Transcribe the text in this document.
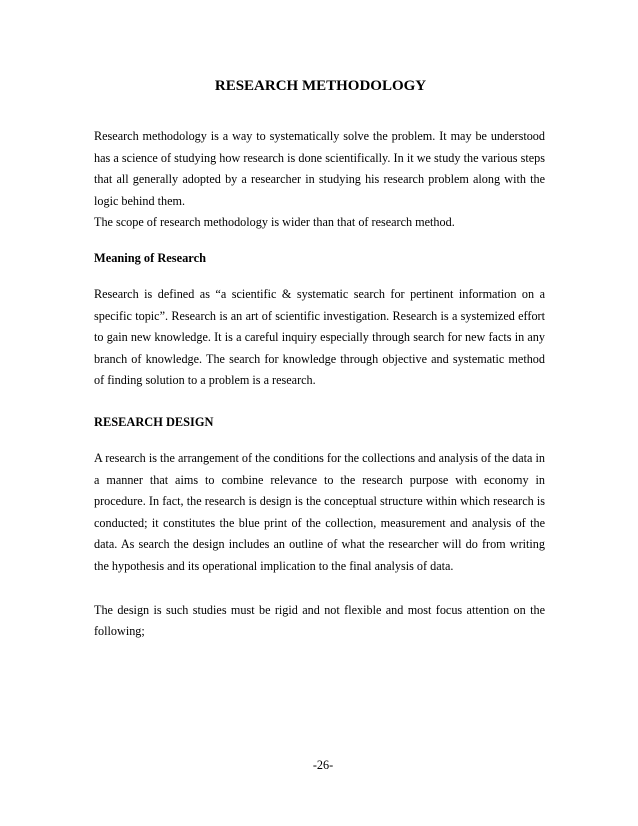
RESEARCH METHODOLOGY

Research methodology is a way to systematically solve the problem. It may be understood has a science of studying how research is done scientifically. In it we study the various steps that all generally adopted by a researcher in studying his research problem along with the logic behind them.

The scope of research methodology is wider than that of research method.

Meaning of Research

Research is defined as “a scientific & systematic search for pertinent information on a specific topic”. Research is an art of scientific investigation. Research is a systemized effort to gain new knowledge. It is a careful inquiry especially through search for new facts in any branch of knowledge. The search for knowledge through objective and systematic method of finding solution to a problem is a research.

RESEARCH DESIGN

A research is the arrangement of the conditions for the collections and analysis of the data in a manner that aims to combine relevance to the research purpose with economy in procedure. In fact, the research is design is the conceptual structure within which research is conducted; it constitutes the blue print of the collection, measurement and analysis of the data. As search the design includes an outline of what the researcher will do from writing the hypothesis and its operational implication to the final analysis of data.

The design is such studies must be rigid and not flexible and most focus attention on the following;

-26-
